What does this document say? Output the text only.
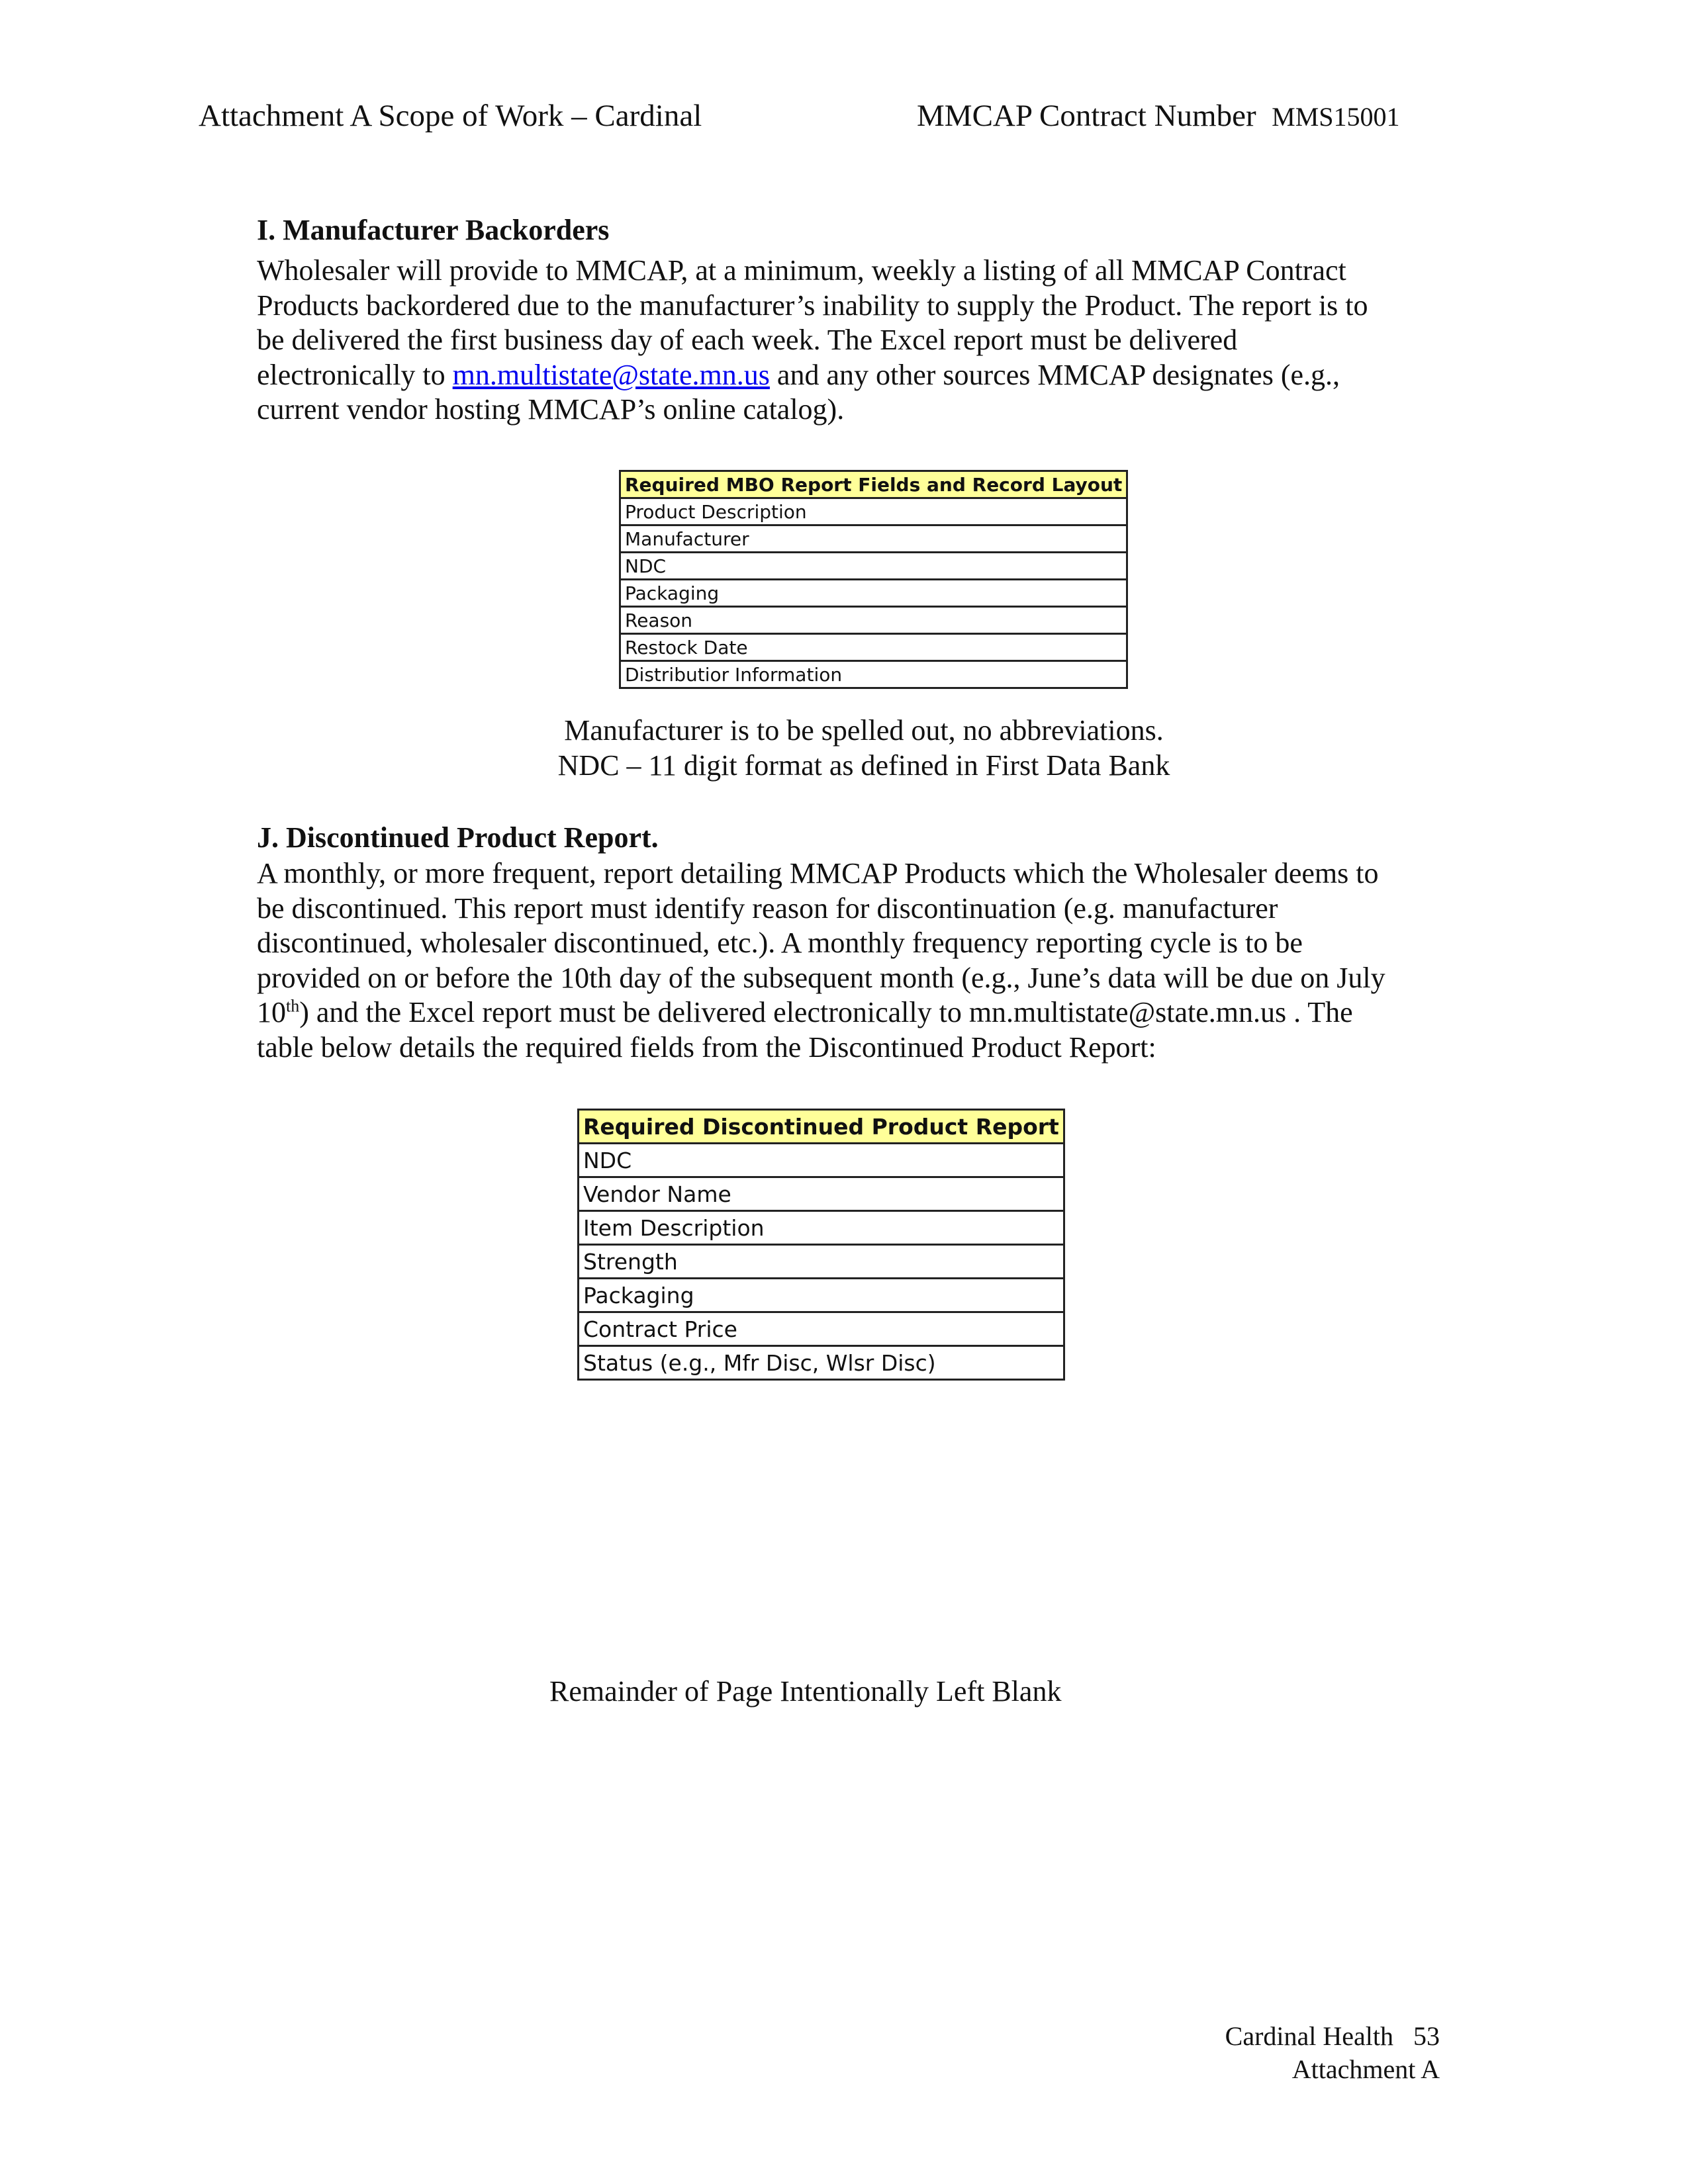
Attachment A Scope of Work – Cardinal	MMCAP Contract Number MMS15001
I. Manufacturer Backorders
Wholesaler will provide to MMCAP, at a minimum, weekly a listing of all MMCAP Contract
Products backordered due to the manufacturer’s inability to supply the Product. The report is to
be delivered the first business day of each week. The Excel report must be delivered
electronically to mn.multistate@state.mn.us and any other sources MMCAP designates (e.g.,
current vendor hosting MMCAP’s online catalog).
Required MBO Report Fields and Record Layout
Product Description
Manufacturer
NDC
Packaging
Reason
Restock Date
Distributior Information
Manufacturer is to be spelled out, no abbreviations.
NDC – 11 digit format as defined in First Data Bank
J. Discontinued Product Report.
A monthly, or more frequent, report detailing MMCAP Products which the Wholesaler deems to
be discontinued. This report must identify reason for discontinuation (e.g. manufacturer
discontinued, wholesaler discontinued, etc.). A monthly frequency reporting cycle is to be
provided on or before the 10th day of the subsequent month (e.g., June’s data will be due on July
10th) and the Excel report must be delivered electronically to mn.multistate@state.mn.us . The
table below details the required fields from the Discontinued Product Report:
Required Discontinued Product Report
NDC
Vendor Name
Item Description
Strength
Packaging
Contract Price
Status (e.g., Mfr Disc, Wlsr Disc)
Remainder of Page Intentionally Left Blank
Cardinal Health 53
Attachment A
